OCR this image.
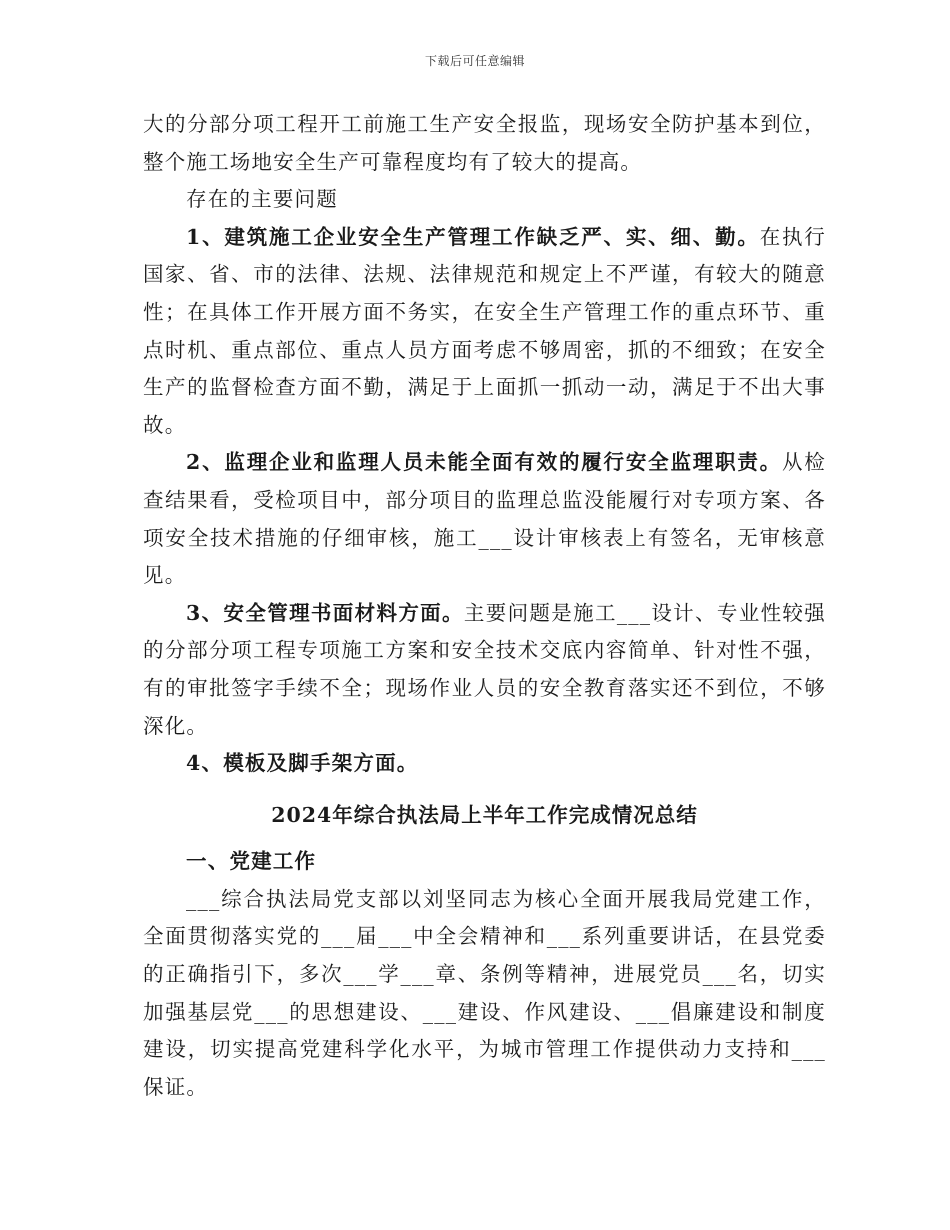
下载后可任意编辑

大的分部分项工程开工前施工生产安全报监，现场安全防护基本到位，整个施工场地安全生产可靠程度均有了较大的提高。

存在的主要问题

1、建筑施工企业安全生产管理工作缺乏严、实、细、勤。在执行国家、省、市的法律、法规、法律规范和规定上不严谨，有较大的随意性；在具体工作开展方面不务实，在安全生产管理工作的重点环节、重点时机、重点部位、重点人员方面考虑不够周密，抓的不细致；在安全生产的监督检查方面不勤，满足于上面抓一抓动一动，满足于不出大事故。

2、监理企业和监理人员未能全面有效的履行安全监理职责。从检查结果看，受检项目中，部分项目的监理总监没能履行对专项方案、各项安全技术措施的仔细审核，施工___设计审核表上有签名，无审核意见。

3、安全管理书面材料方面。主要问题是施工___设计、专业性较强的分部分项工程专项施工方案和安全技术交底内容简单、针对性不强，有的审批签字手续不全；现场作业人员的安全教育落实还不到位，不够深化。

4、模板及脚手架方面。

2024年综合执法局上半年工作完成情况总结

一、党建工作

___综合执法局党支部以刘坚同志为核心全面开展我局党建工作，全面贯彻落实党的___届___中全会精神和___系列重要讲话，在县党委的正确指引下，多次___学___章、条例等精神，进展党员___名，切实加强基层党___的思想建设、___建设、作风建设、___倡廉建设和制度建设，切实提高党建科学化水平，为城市管理工作提供动力支持和___保证。
